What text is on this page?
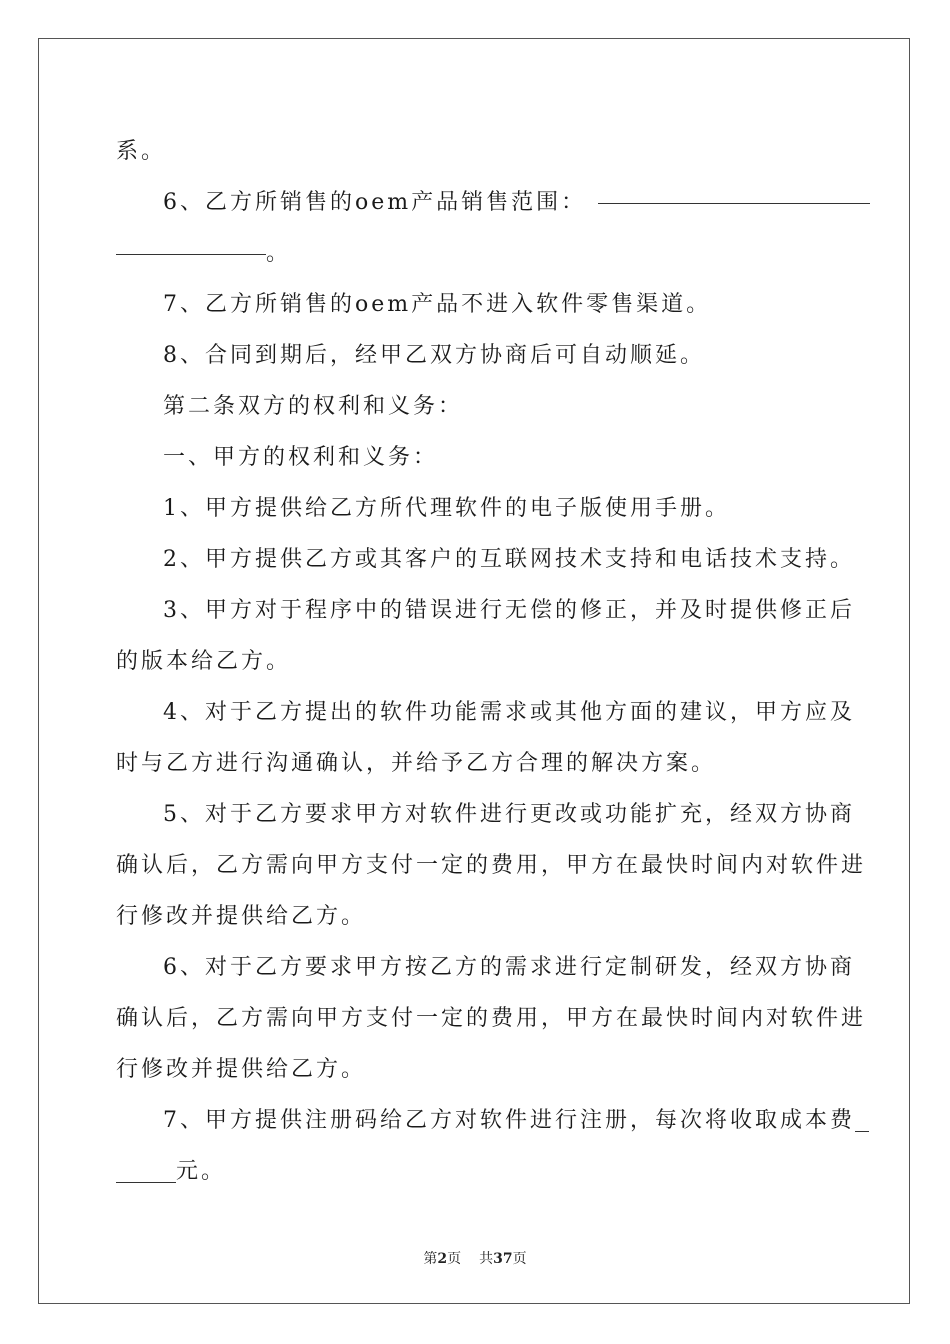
系。
6、乙方所销售的oem产品销售范围：
。
7、乙方所销售的oem产品不进入软件零售渠道。
8、合同到期后，经甲乙双方协商后可自动顺延。
第二条双方的权利和义务：
一、甲方的权利和义务：
1、甲方提供给乙方所代理软件的电子版使用手册。
2、甲方提供乙方或其客户的互联网技术支持和电话技术支持。
3、甲方对于程序中的错误进行无偿的修正，并及时提供修正后
的版本给乙方。
4、对于乙方提出的软件功能需求或其他方面的建议，甲方应及
时与乙方进行沟通确认，并给予乙方合理的解决方案。
5、对于乙方要求甲方对软件进行更改或功能扩充，经双方协商
确认后，乙方需向甲方支付一定的费用，甲方在最快时间内对软件进
行修改并提供给乙方。
6、对于乙方要求甲方按乙方的需求进行定制研发，经双方协商
确认后，乙方需向甲方支付一定的费用，甲方在最快时间内对软件进
行修改并提供给乙方。
7、甲方提供注册码给乙方对软件进行注册，每次将收取成本费
元。
第2页 共37页
